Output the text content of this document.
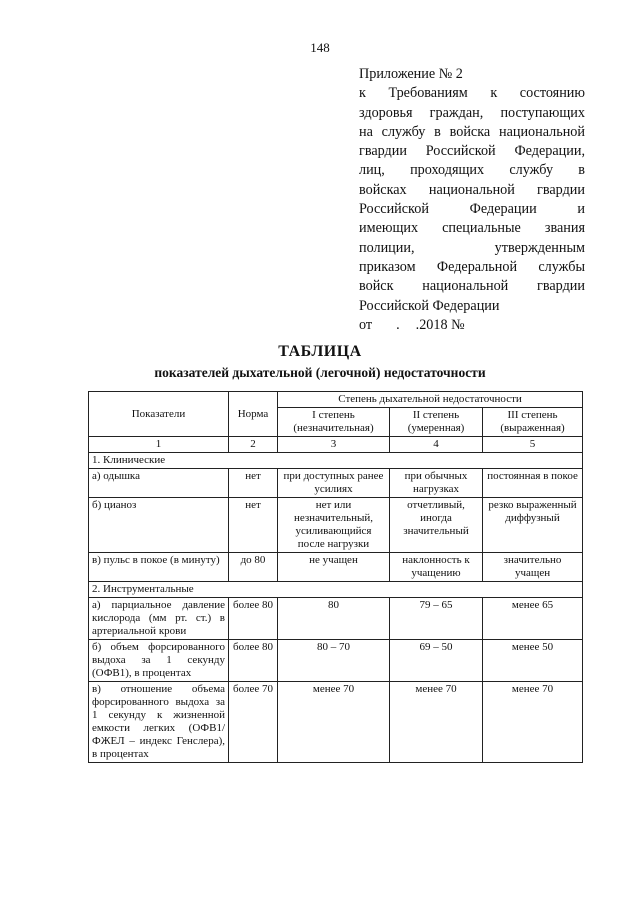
148
Приложение № 2
к Требованиям к состоянию
здоровья граждан, поступающих
на службу в войска национальной
гвардии Российской Федерации,
лиц, проходящих службу в
войсках национальной гвардии
Российской Федерации и
имеющих специальные звания
полиции, утвержденным
приказом Федеральной службы
войск национальной гвардии
Российской Федерации
от . .2018 №
ТАБЛИЦА
показателей дыхательной (легочной) недостаточности
Показатели	Норма	Степень дыхательной недостаточности		
		I степень (незначительная)	II степень (умеренная)	III степень (выраженная)
1	2	3	4	5
1. Клинические				
а) одышка	нет	при доступных ранее усилиях	при обычных нагрузках	постоянная в покое
б) цианоз	нет	нет или незначительный, усиливающийся после нагрузки	отчетливый, иногда значительный	резко выраженный диффузный
в) пульс в покое (в минуту)	до 80	не учащен	наклонность к учащению	значительно учащен
2. Инструментальные				
а) парциальное давление кислорода (мм рт. ст.) в артериальной крови	более 80	80	79 – 65	менее 65
б) объем форсированного выдоха за 1 секунду (ОФВ1), в процентах	более 80	80 – 70	69 – 50	менее 50
в) отношение объема форсированного выдоха за 1 секунду к жизненной емкости легких (ОФВ1/ФЖЕЛ – индекс Генслера), в процентах	более 70	менее 70	менее 70	менее 70
